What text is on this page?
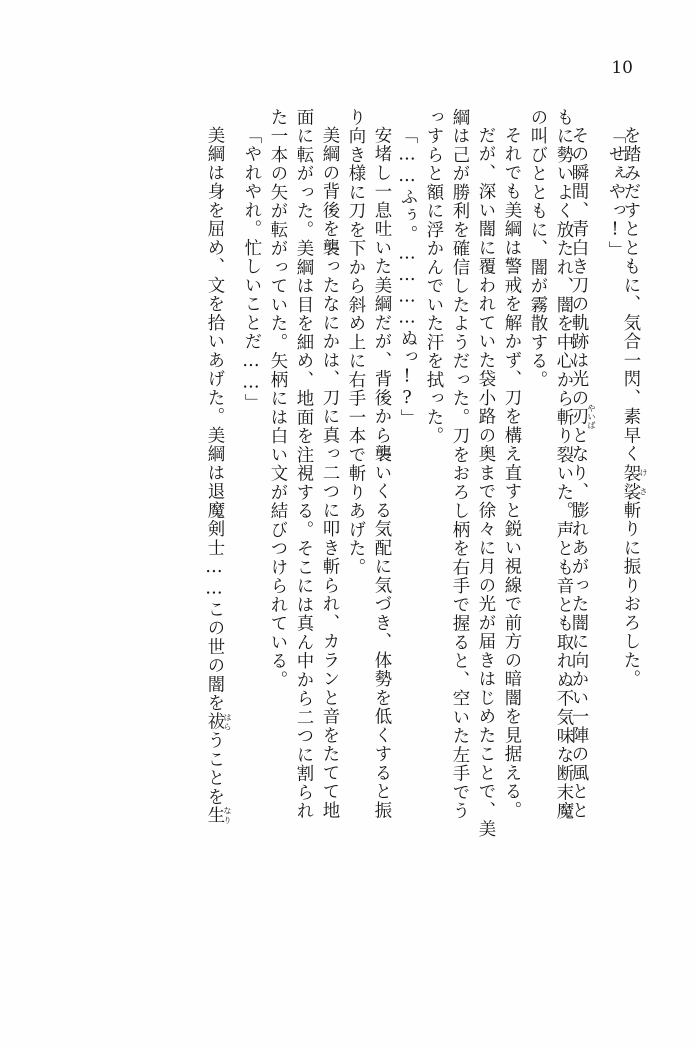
10
を踏みだすとともに、気合一閃、素早く袈裟 けさ斬りに振りおろした。
「せぇやっ!」
その瞬間、青白き刀の軌跡は光の刃 やいばとなり、膨れあがった闇に向かい一陣の風とと
もに勢いよく放たれ、闇を中心から斬り裂いた。声とも音とも取れぬ不気味な断末魔
の叫びとともに、闇が霧散する。
それでも美綱は警戒を解かず、刀を構え直すと鋭い視線で前方の暗闇を見据える。
だが、深い闇に覆われていた袋小路の奥まで徐々に月の光が届きはじめたことで、美
綱は己が勝利を確信したようだった。刀をおろし柄を右手で握ると、空いた左手でう
っすらと額に浮かんでいた汗を拭った。
「……ふぅ。…………ぬっ!?」
安堵し一息吐いた美綱だが、背後から襲いくる気配に気づき、体勢を低くすると振
り向き様に刀を下から斜め上に右手一本で斬りあげた。
美綱の背後を襲ったなにかは、刀に真っ二つに叩き斬られ、カランと音をたてて地
面に転がった。美綱は目を細め、地面を注視する。そこには真ん中から二つに割られ
た一本の矢が転がっていた。矢柄には白い文が結びつけられている。
「やれやれ。忙しいことだ……」
美綱は身を屈め、文を拾いあげた。美綱は退魔剣士……この世の闇を祓 はらうことを生 なり
